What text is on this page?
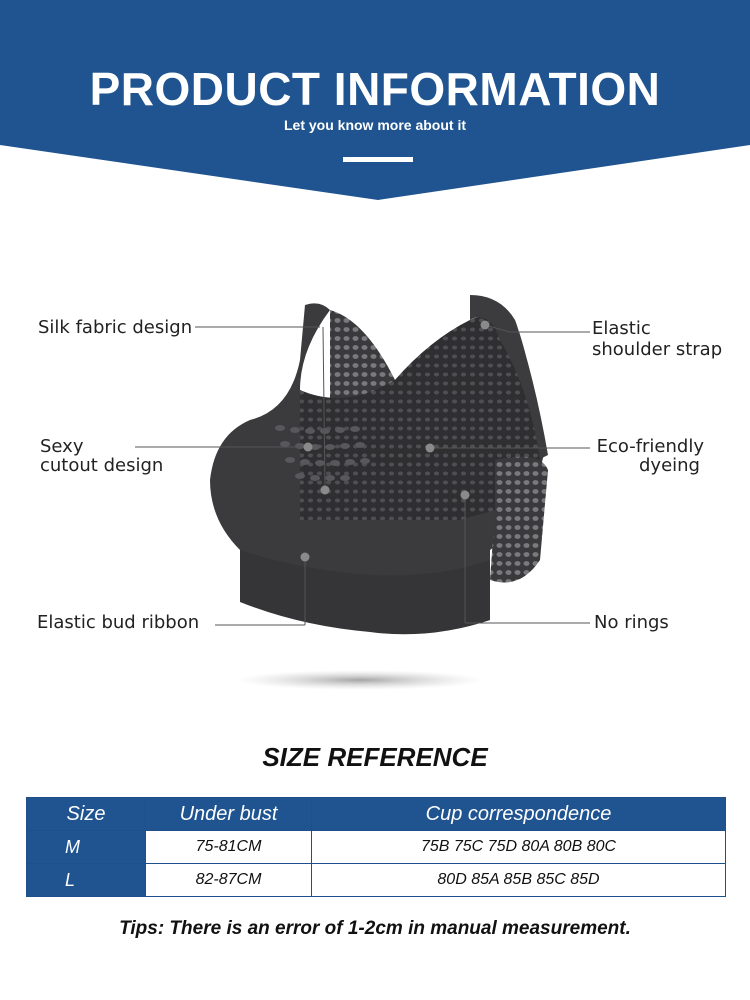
PRODUCT INFORMATION
Let you know more about it
Silk fabric design
Sexy
cutout design
Elastic bud ribbon
Elastic
shoulder strap
Eco-friendly
dyeing
No rings
SIZE REFERENCE
Size	Under bust	Cup correspondence
M	75-81CM	75B 75C 75D 80A 80B 80C
L	82-87CM	80D 85A 85B 85C 85D
Tips: There is an error of 1-2cm in manual measurement.
